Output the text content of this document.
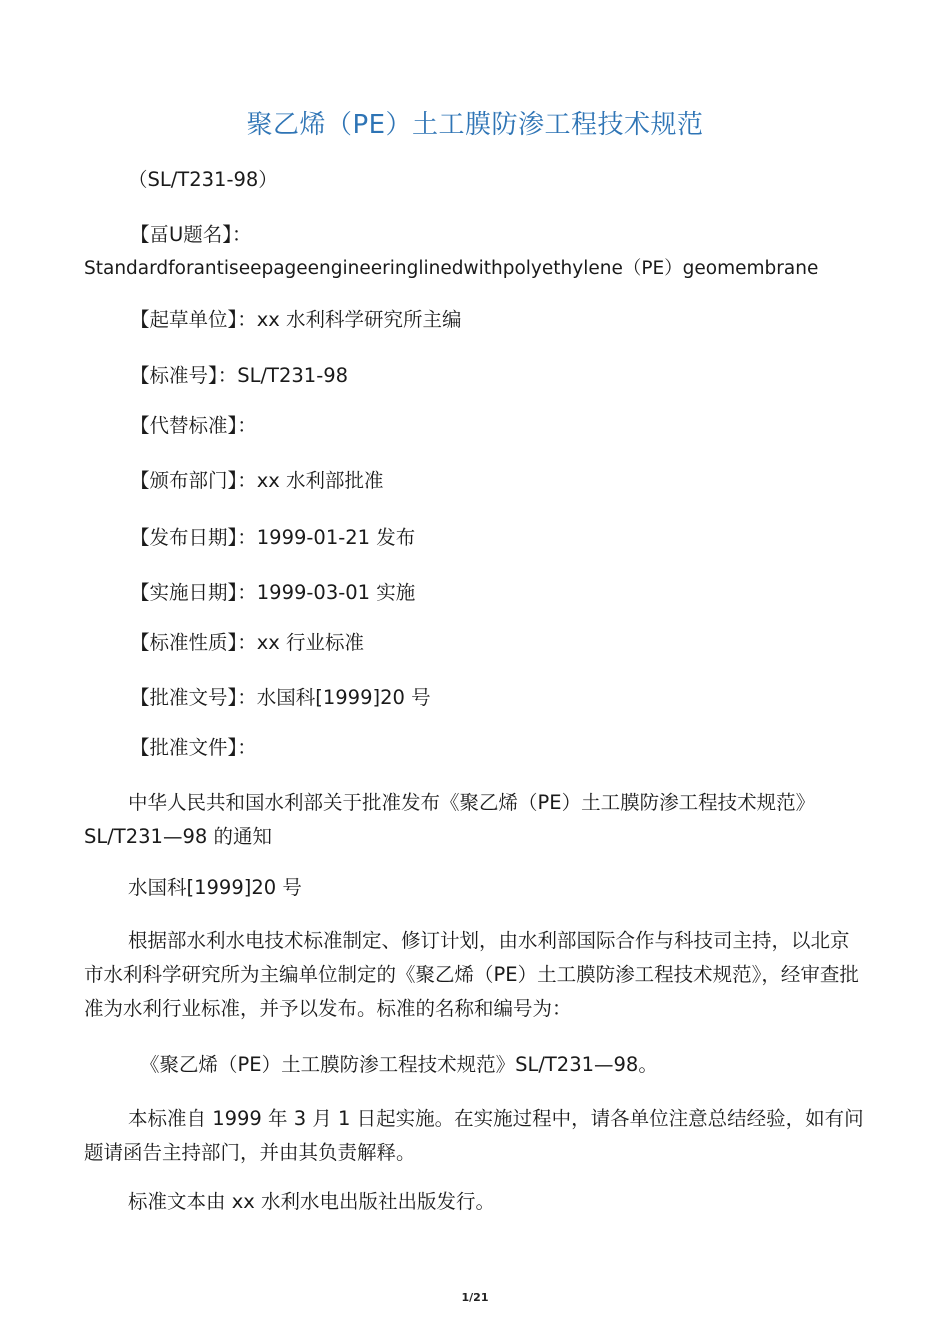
聚乙烯（PE）土工膜防渗工程技术规范
（SL/T231-98）
【畐U题名】：
Standardforantiseepageengineeringlinedwithpolyethylene（PE）geomembrane
【起草单位】：xx 水利科学研究所主编
【标准号】：SL/T231-98
【代替标准】：
【颁布部门】：xx 水利部批准
【发布日期】：1999-01-21 发布
【实施日期】：1999-03-01 实施
【标准性质】：xx 行业标准
【批准文号】：水国科[1999]20 号
【批准文件】：
中华人民共和国水利部关于批准发布《聚乙烯（PE）土工膜防渗工程技术规范》SL/T231—98 的通知
水国科[1999]20 号
根据部水利水电技术标准制定、修订计划，由水利部国际合作与科技司主持，以北京市水利科学研究所为主编单位制定的《聚乙烯（PE）土工膜防渗工程技术规范》，经审查批准为水利行业标准，并予以发布。标准的名称和编号为：
《聚乙烯（PE）土工膜防渗工程技术规范》SL/T231—98。
本标准自 1999 年 3 月 1 日起实施。在实施过程中，请各单位注意总结经验，如有问题请函告主持部门，并由其负责解释。
标准文本由 xx 水利水电出版社出版发行。
1/21
